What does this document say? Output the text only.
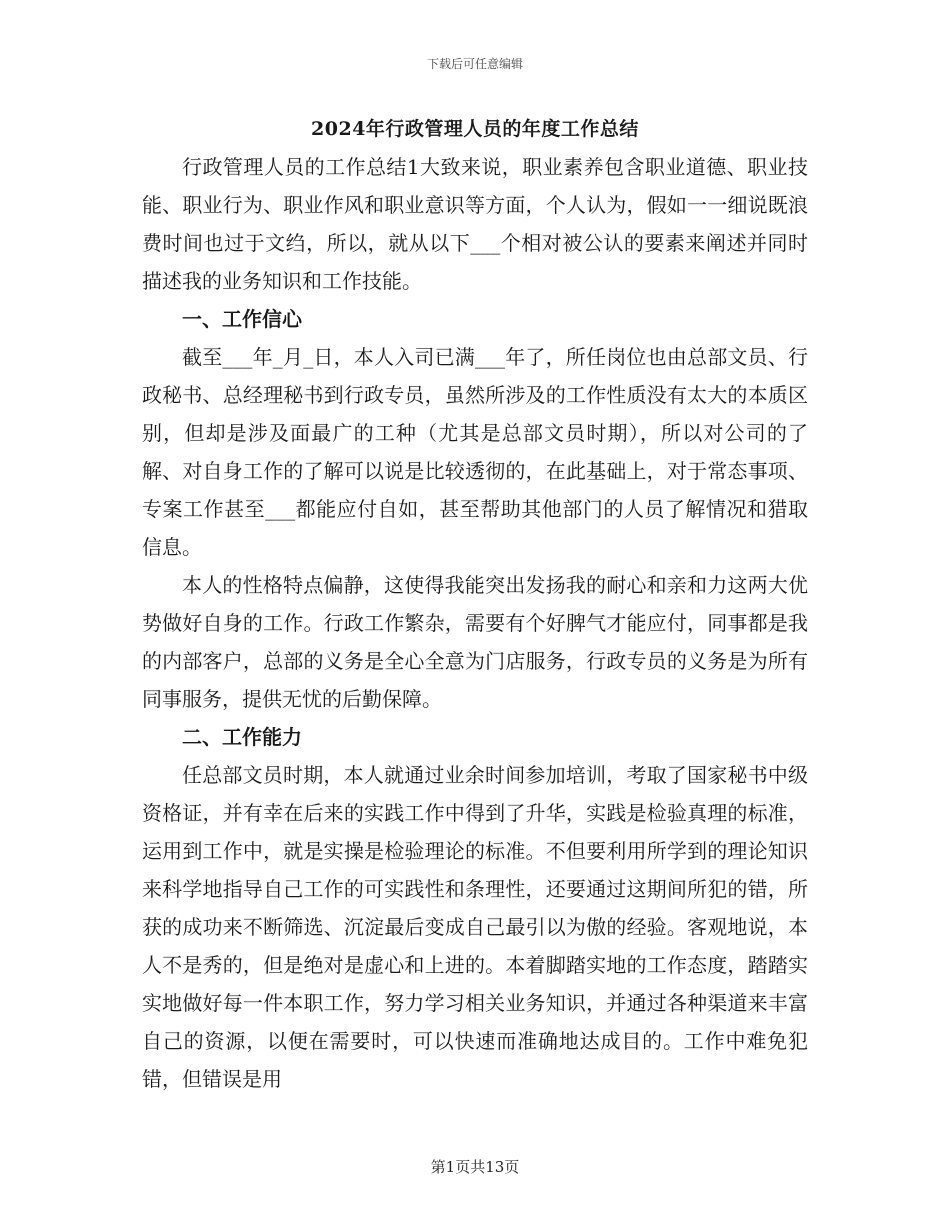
下载后可任意编辑
2024年行政管理人员的年度工作总结

行政管理人员的工作总结1大致来说，职业素养包含职业道德、职业技能、职业行为、职业作风和职业意识等方面，个人认为，假如一一细说既浪费时间也过于文绉，所以，就从以下___个相对被公认的要素来阐述并同时描述我的业务知识和工作技能。

一、工作信心

截至___年_月_日，本人入司已满___年了，所任岗位也由总部文员、行政秘书、总经理秘书到行政专员，虽然所涉及的工作性质没有太大的本质区别，但却是涉及面最广的工种（尤其是总部文员时期），所以对公司的了解、对自身工作的了解可以说是比较透彻的，在此基础上，对于常态事项、专案工作甚至___都能应付自如，甚至帮助其他部门的人员了解情况和猎取信息。

本人的性格特点偏静，这使得我能突出发扬我的耐心和亲和力这两大优势做好自身的工作。行政工作繁杂，需要有个好脾气才能应付，同事都是我的内部客户，总部的义务是全心全意为门店服务，行政专员的义务是为所有同事服务，提供无忧的后勤保障。

二、工作能力

任总部文员时期，本人就通过业余时间参加培训，考取了国家秘书中级资格证，并有幸在后来的实践工作中得到了升华，实践是检验真理的标准，运用到工作中，就是实操是检验理论的标准。不但要利用所学到的理论知识来科学地指导自己工作的可实践性和条理性，还要通过这期间所犯的错，所获的成功来不断筛选、沉淀最后变成自己最引以为傲的经验。客观地说，本人不是秀的，但是绝对是虚心和上进的。本着脚踏实地的工作态度，踏踏实实地做好每一件本职工作，努力学习相关业务知识，并通过各种渠道来丰富自己的资源，以便在需要时，可以快速而准确地达成目的。工作中难免犯错，但错误是用

第1页共13页
